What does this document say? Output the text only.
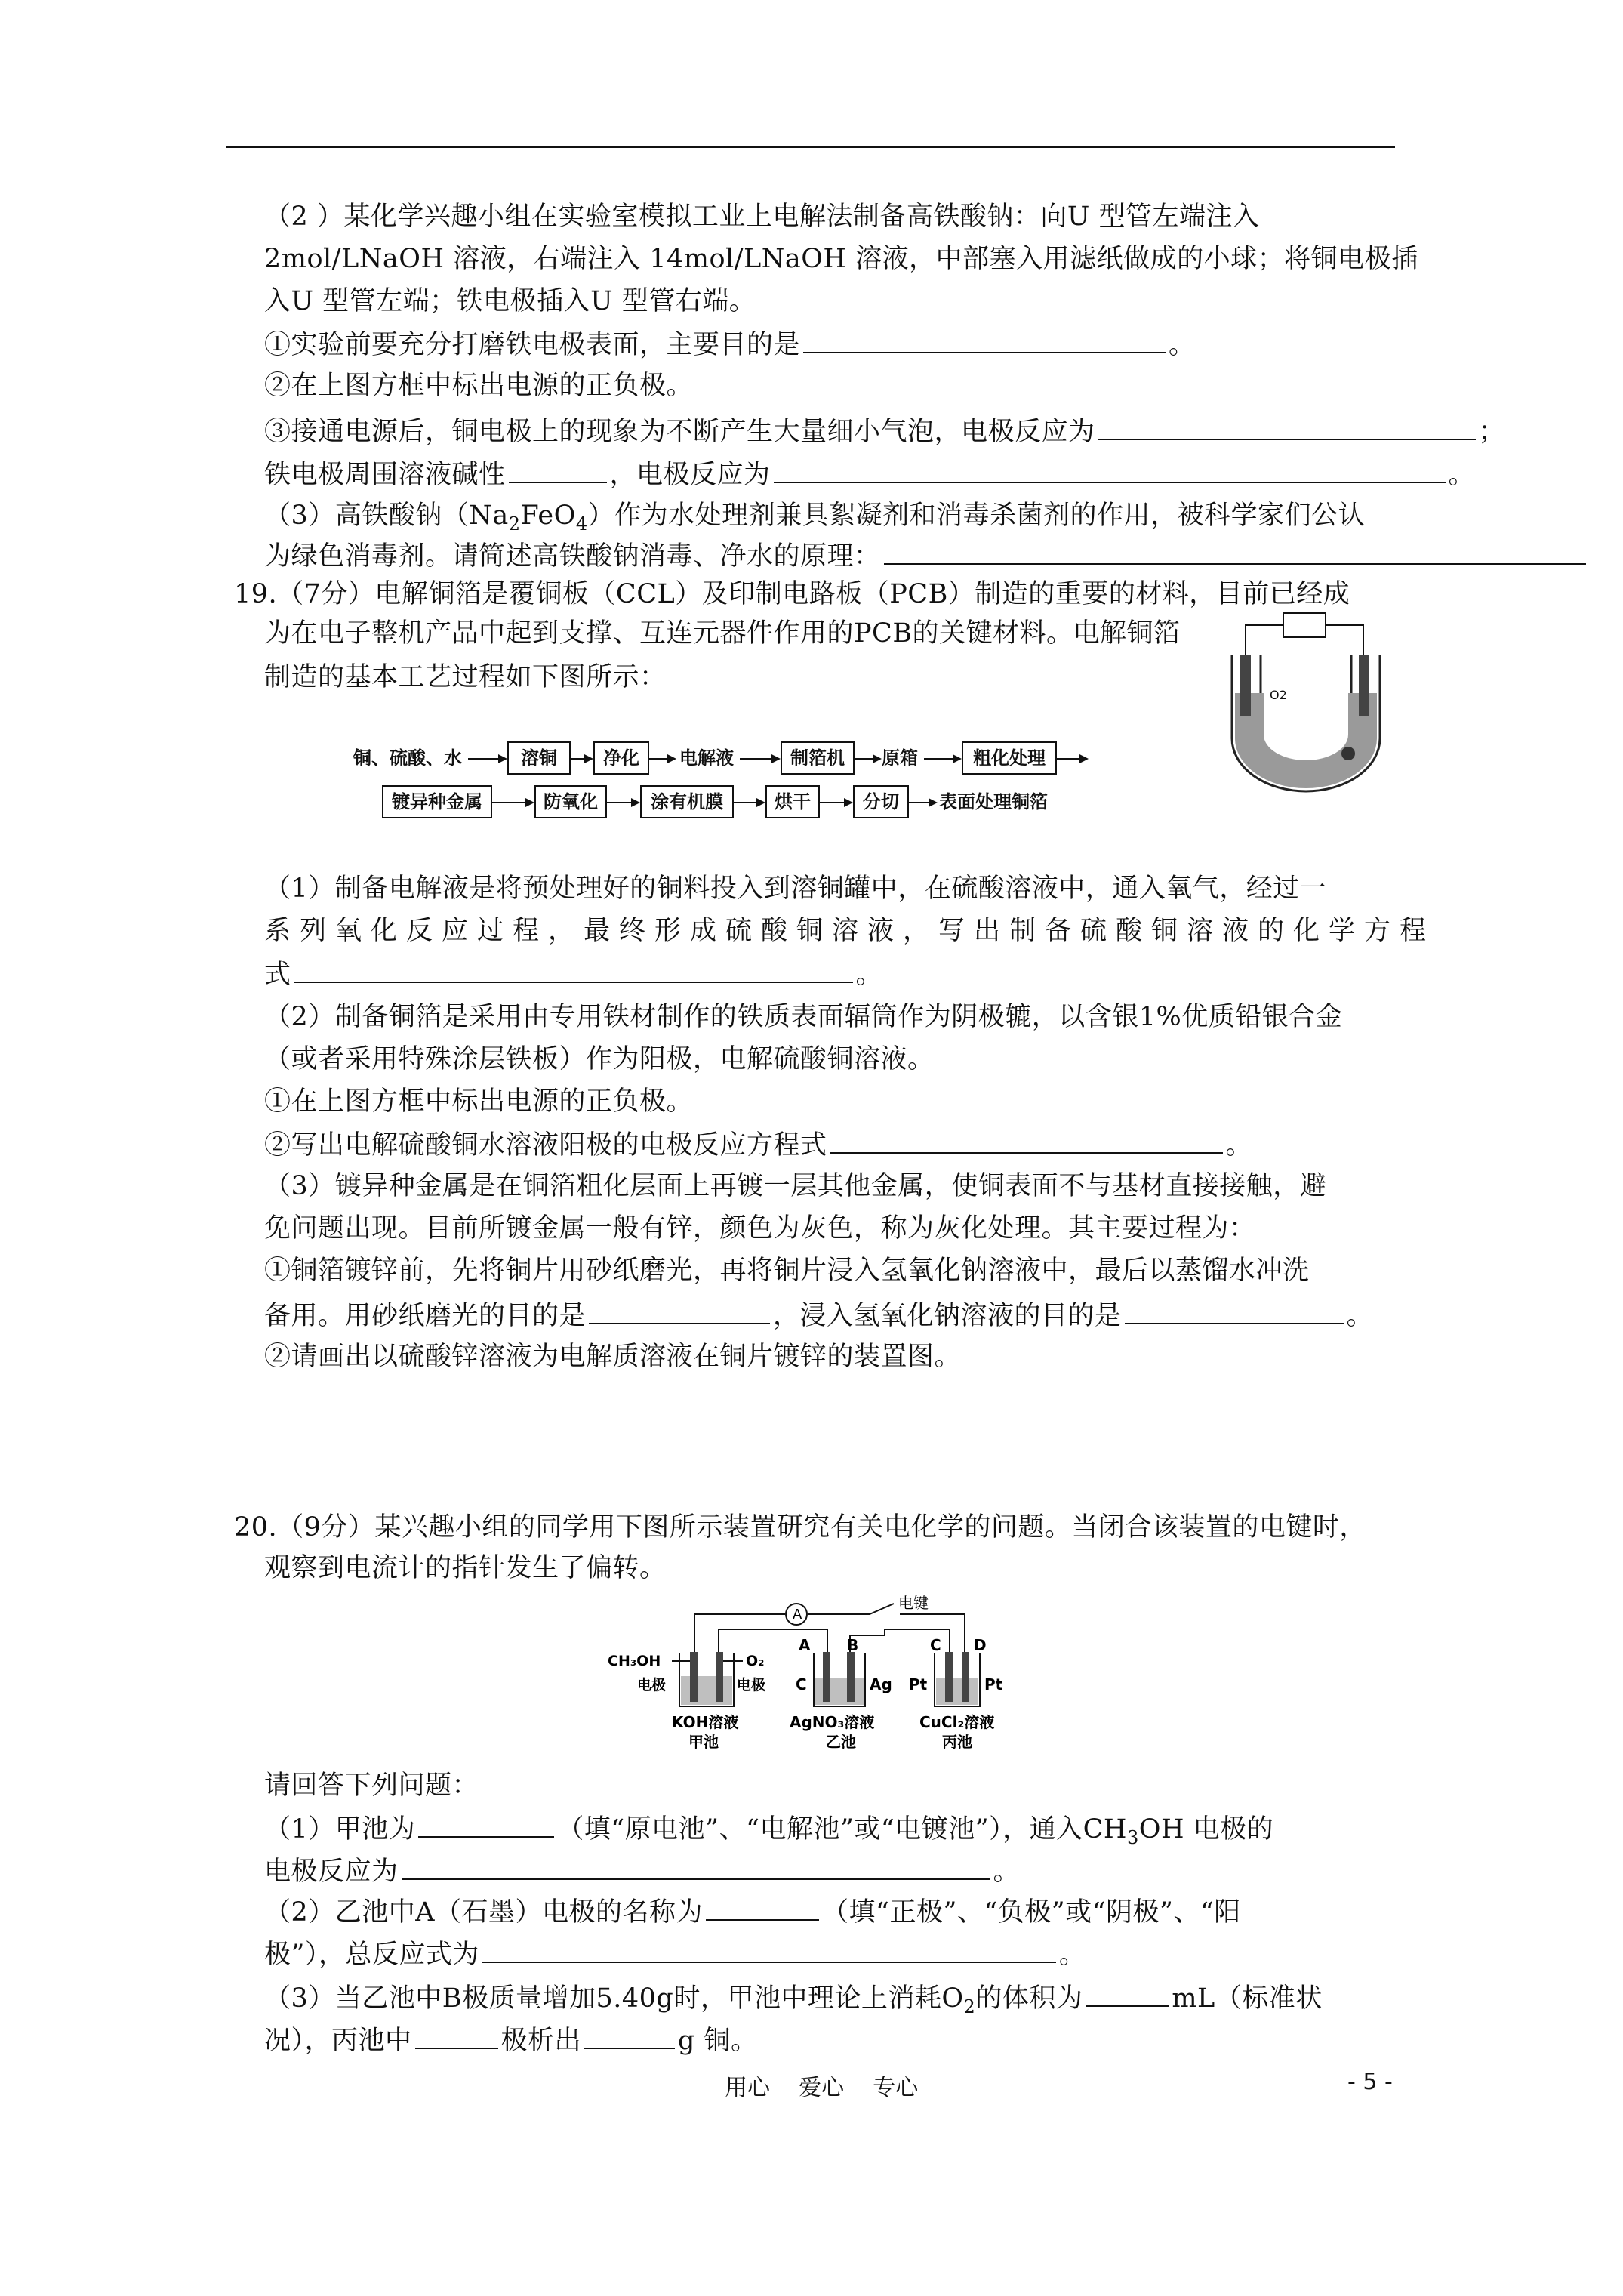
（2 ）某化学兴趣小组在实验室模拟工业上电解法制备高铁酸钠：向U 型管左端注入
2mol/LNaOH 溶液，右端注入 14mol/LNaOH 溶液，中部塞入用滤纸做成的小球；将铜电极插
入U 型管左端；铁电极插入U 型管右端。
①实验前要充分打磨铁电极表面，主要目的是	。
②在上图方框中标出电源的正负极。
③接通电源后，铜电极上的现象为不断产生大量细小气泡，电极反应为	；
铁电极周围溶液碱性	，电极反应为	。
（3）高铁酸钠$(Na_2FeO_4)$作为水处理剂兼具絮凝剂和消毒杀菌剂的作用，被科学家们公认
为绿色消毒剂。请简述高铁酸钠消毒、净水的原理：
19.（7分）电解铜箔是覆铜板（CCL）及印制电路板（PCB）制造的重要的材料，目前已经成
为在电子整机产品中起到支撑、互连元器件作用的PCB的关键材料。电解铜箔
制造的基本工艺过程如下图所示：
O2
铜、硫酸、水	溶铜	净化	电解液	制箔机	原箱	粗化处理
镀异种金属	防氧化	涂有机膜	烘干	分切	表面处理铜箔
（1）制备电解液是将预处理好的铜料投入到溶铜罐中，在硫酸溶液中，通入氧气，经过一
系列氧化反应过程，最终形成硫酸铜溶液，写出制备硫酸铜溶液的化学方程
式	。
（2）制备铜箔是采用由专用铁材制作的铁质表面辐筒作为阴极辘，以含银1%优质铅银合金
（或者采用特殊涂层铁板）作为阳极，电解硫酸铜溶液。
①在上图方框中标出电源的正负极。
②写出电解硫酸铜水溶液阳极的电极反应方程式	。
（3）镀异种金属是在铜箔粗化层面上再镀一层其他金属，使铜表面不与基材直接接触，避
免问题出现。目前所镀金属一般有锌，颜色为灰色，称为灰化处理。其主要过程为：
①铜箔镀锌前，先将铜片用砂纸磨光，再将铜片浸入氢氧化钠溶液中，最后以蒸馏水冲洗
备用。用砂纸磨光的目的是	，浸入氢氧化钠溶液的目的是	。
②请画出以硫酸锌溶液为电解质溶液在铜片镀锌的装置图。
20.（9分）某兴趣小组的同学用下图所示装置研究有关电化学的问题。当闭合该装置的电键时，
观察到电流计的指针发生了偏转。
A
电键
CH₃OH	O₂
电极	电极
KOH溶液
甲池
A B
C	Ag
AgNO₃溶液
乙池
C D
Pt	Pt
CuCl₂溶液
丙池
请回答下列问题：
（1）甲池为	（填“原电池”、“电解池”或“电镀池”），通入$CH_3OH$ 电极的
电极反应为	。
（2）乙池中A（石墨）电极的名称为	（填“正极”、“负极”或“阴极”、“阳
极”），总反应式为	。
（3）当乙池中B极质量增加5.40g时，甲池中理论上消耗$O_2$的体积为	mL（标准状
况），丙池中	极析出	g 铜。
用心    爱心    专心	- 5 -
